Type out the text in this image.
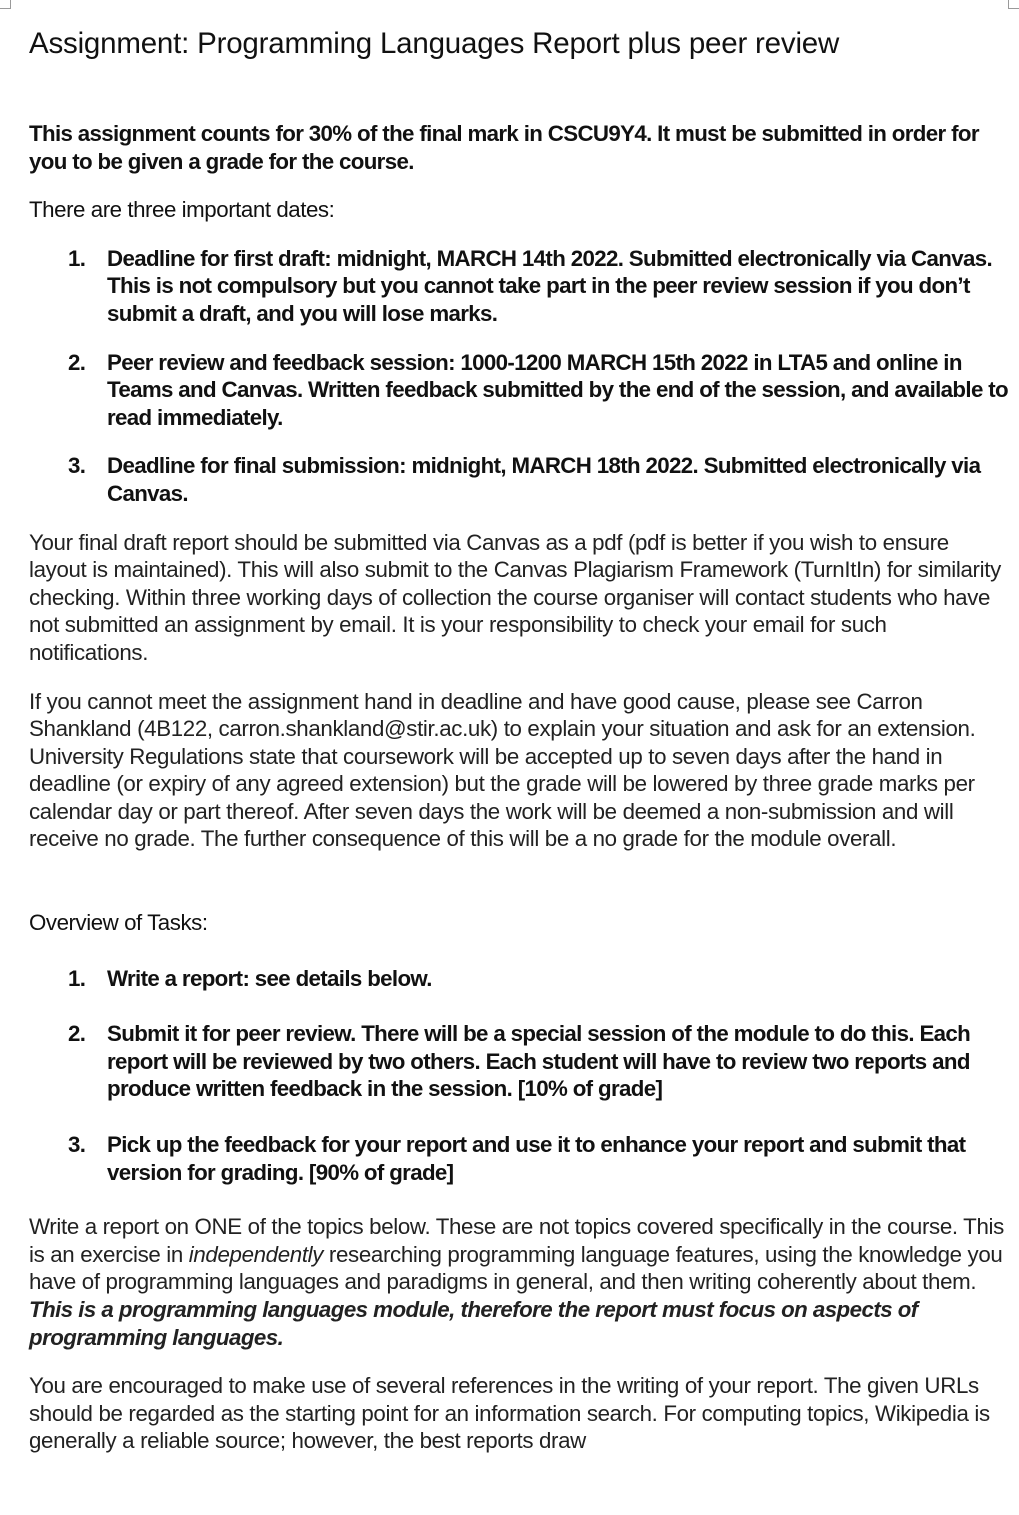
Assignment: Programming Languages Report plus peer review

This assignment counts for 30% of the final mark in CSCU9Y4. It must be submitted in order for you to be given a grade for the course.

There are three important dates:

1. Deadline for first draft: midnight, MARCH 14th 2022. Submitted electronically via Canvas. This is not compulsory but you cannot take part in the peer review session if you don’t submit a draft, and you will lose marks.
2. Peer review and feedback session: 1000-1200 MARCH 15th 2022 in LTA5 and online in Teams and Canvas. Written feedback submitted by the end of the session, and available to read immediately.
3. Deadline for final submission: midnight, MARCH 18th 2022. Submitted electronically via Canvas.

Your final draft report should be submitted via Canvas as a pdf (pdf is better if you wish to ensure layout is maintained). This will also submit to the Canvas Plagiarism Framework (TurnItIn) for similarity checking. Within three working days of collection the course organiser will contact students who have not submitted an assignment by email. It is your responsibility to check your email for such notifications.

If you cannot meet the assignment hand in deadline and have good cause, please see Carron Shankland (4B122, carron.shankland@stir.ac.uk) to explain your situation and ask for an extension. University Regulations state that coursework will be accepted up to seven days after the hand in deadline (or expiry of any agreed extension) but the grade will be lowered by three grade marks per calendar day or part thereof. After seven days the work will be deemed a non-submission and will receive no grade. The further consequence of this will be a no grade for the module overall.

Overview of Tasks:

1. Write a report: see details below.
2. Submit it for peer review. There will be a special session of the module to do this. Each report will be reviewed by two others. Each student will have to review two reports and produce written feedback in the session. [10% of grade]
3. Pick up the feedback for your report and use it to enhance your report and submit that version for grading. [90% of grade]

Write a report on ONE of the topics below. These are not topics covered specifically in the course. This is an exercise in independently researching programming language features, using the knowledge you have of programming languages and paradigms in general, and then writing coherently about them. This is a programming languages module, therefore the report must focus on aspects of programming languages.

You are encouraged to make use of several references in the writing of your report. The given URLs should be regarded as the starting point for an information search. For computing topics, Wikipedia is generally a reliable source; however, the best reports draw
